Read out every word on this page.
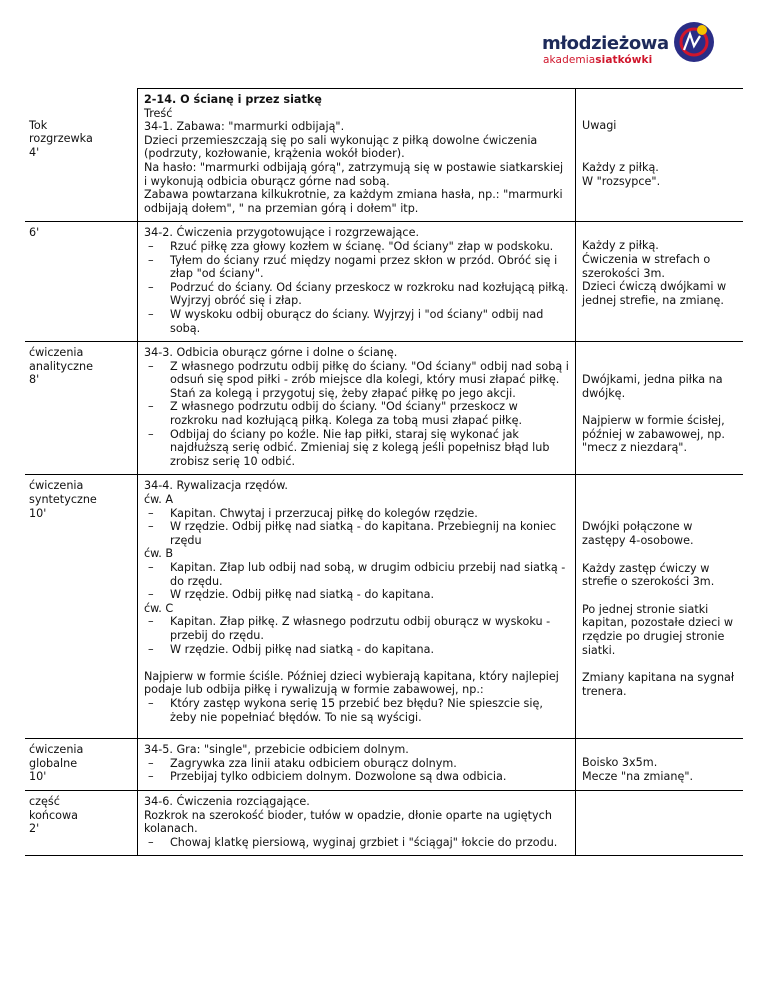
młodzieżowa
akademiasiatkówki
2-14. O ścianę i przez siatkę
Tok
rozgrzewka
4'

Treść

34-1. Zabawa: "marmurki odbijają".

Dzieci przemieszczają się po sali wykonując z piłką dowolne ćwiczenia (podrzuty, kozłowanie, krążenia wokół bioder).
Na hasło: "marmurki odbijają górą", zatrzymują się w postawie siatkarskiej i wykonują odbicia oburącz górne nad sobą.
Zabawa powtarzana kilkukrotnie, za każdym zmiana hasła, np.: "marmurki odbijają dołem", " na przemian górą i dołem" itp.

Uwagi

Każdy z piłką.
W "rozsypce".

6'	34-2. Ćwiczenia przygotowujące i rozgrzewające.

– Rzuć piłkę zza głowy kozłem w ścianę. "Od ściany" złap w podskoku.

– Tyłem do ściany rzuć między nogami przez skłon w przód. Obróć się i złap "od ściany".

– Podrzuć do ściany. Od ściany przeskocz w rozkroku nad kozłującą piłką. Wyjrzyj obróć się i złap.

– W wyskoku odbij oburącz do ściany. Wyjrzyj i "od ściany" odbij nad sobą.

Każdy z piłką.
Ćwiczenia w strefach o szerokości 3m.
Dzieci ćwiczą dwójkami w jednej strefie, na zmianę.

ćwiczenia
analityczne
8'

34-3. Odbicia oburącz górne i dolne o ścianę.

– Z własnego podrzutu odbij piłkę do ściany. "Od ściany" odbij nad sobą i odsuń się spod piłki - zrób miejsce dla kolegi, który musi złapać piłkę. Stań za kolegą i przygotuj się, żeby złapać piłkę po jego akcji.

– Z własnego podrzutu odbij do ściany. "Od ściany" przeskocz w rozkroku nad kozłującą piłką. Kolega za tobą musi złapać piłkę.

– Odbijaj do ściany po koźle. Nie łap piłki, staraj się wykonać jak najdłuższą serię odbić. Zmieniaj się z kolegą jeśli popełnisz błąd lub zrobisz serię 10 odbić.

Dwójkami, jedna piłka na dwójkę.

Najpierw w formie ścisłej, później w zabawowej, np. "mecz z niezdarą".

ćwiczenia
syntetyczne
10'

34-4. Rywalizacja rzędów.

ćw. A

– Kapitan. Chwytaj i przerzucaj piłkę do kolegów rzędzie.

– W rzędzie. Odbij piłkę nad siatką - do kapitana. Przebiegnij na koniec rzędu

ćw. B

– Kapitan. Złap lub odbij nad sobą, w drugim odbiciu przebij nad siatką - do rzędu.

– W rzędzie. Odbij piłkę nad siatką - do kapitana.

ćw. C

– Kapitan. Złap piłkę. Z własnego podrzutu odbij oburącz w wyskoku - przebij do rzędu.

– W rzędzie. Odbij piłkę nad siatką - do kapitana.

Najpierw w formie ściśle. Później dzieci wybierają kapitana, który najlepiej podaje lub odbija piłkę i rywalizują w formie zabawowej, np.:

– Który zastęp wykona serię 15 przebić bez błędu? Nie spieszcie się, żeby nie popełniać błędów. To nie są wyścigi.

Dwójki połączone w zastępy 4-osobowe.

Każdy zastęp ćwiczy w strefie o szerokości 3m.

Po jednej stronie siatki kapitan, pozostałe dzieci w rzędzie po drugiej stronie siatki.

Zmiany kapitana na sygnał trenera.

ćwiczenia
globalne
10'

34-5. Gra: "single", przebicie odbiciem dolnym.

– Zagrywka zza linii ataku odbiciem oburącz dolnym.

– Przebijaj tylko odbiciem dolnym. Dozwolone są dwa odbicia.

Boisko 3x5m.
Mecze "na zmianę".

część
końcowa
2'

34-6. Ćwiczenia rozciągające.

Rozkrok na szerokość bioder, tułów w opadzie, dłonie oparte na ugiętych kolanach.

– Chowaj klatkę piersiową, wyginaj grzbiet i "ściągaj" łokcie do przodu.
